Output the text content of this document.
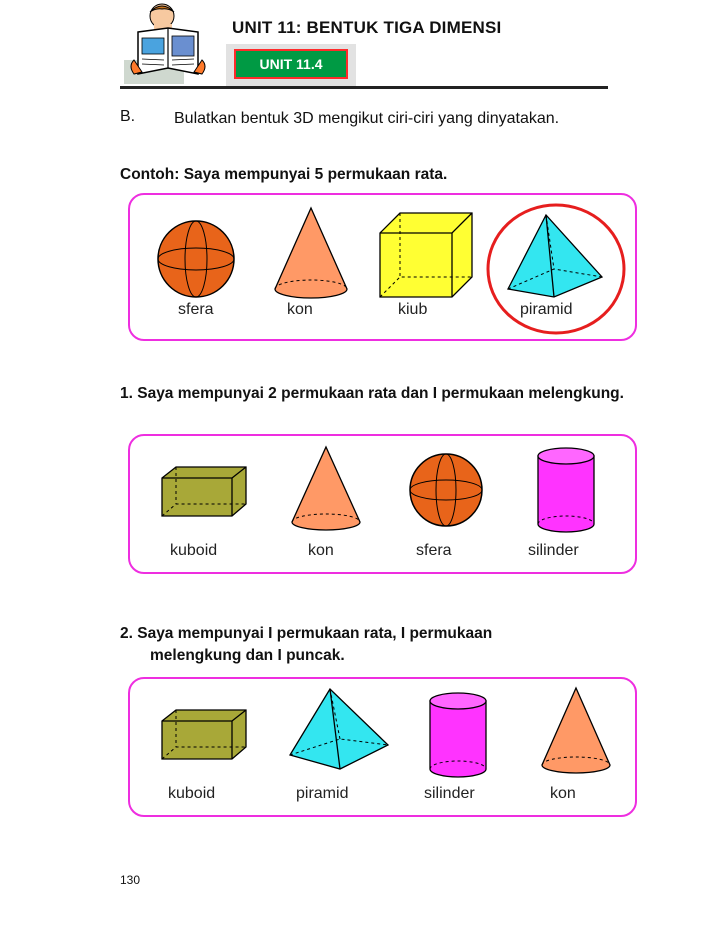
UNIT 11: BENTUK TIGA DIMENSI
UNIT 11.4
B. Bulatkan bentuk 3D mengikut ciri-ciri yang dinyatakan.
Contoh: Saya mempunyai 5 permukaan rata.
sfera	kon	kiub	piramid
1. Saya mempunyai 2 permukaan rata dan I permukaan melengkung.
kuboid	kon	sfera	silinder
2. Saya mempunyai I permukaan rata, I permukaan
melengkung dan I puncak.
kuboid	piramid	silinder	kon
130
